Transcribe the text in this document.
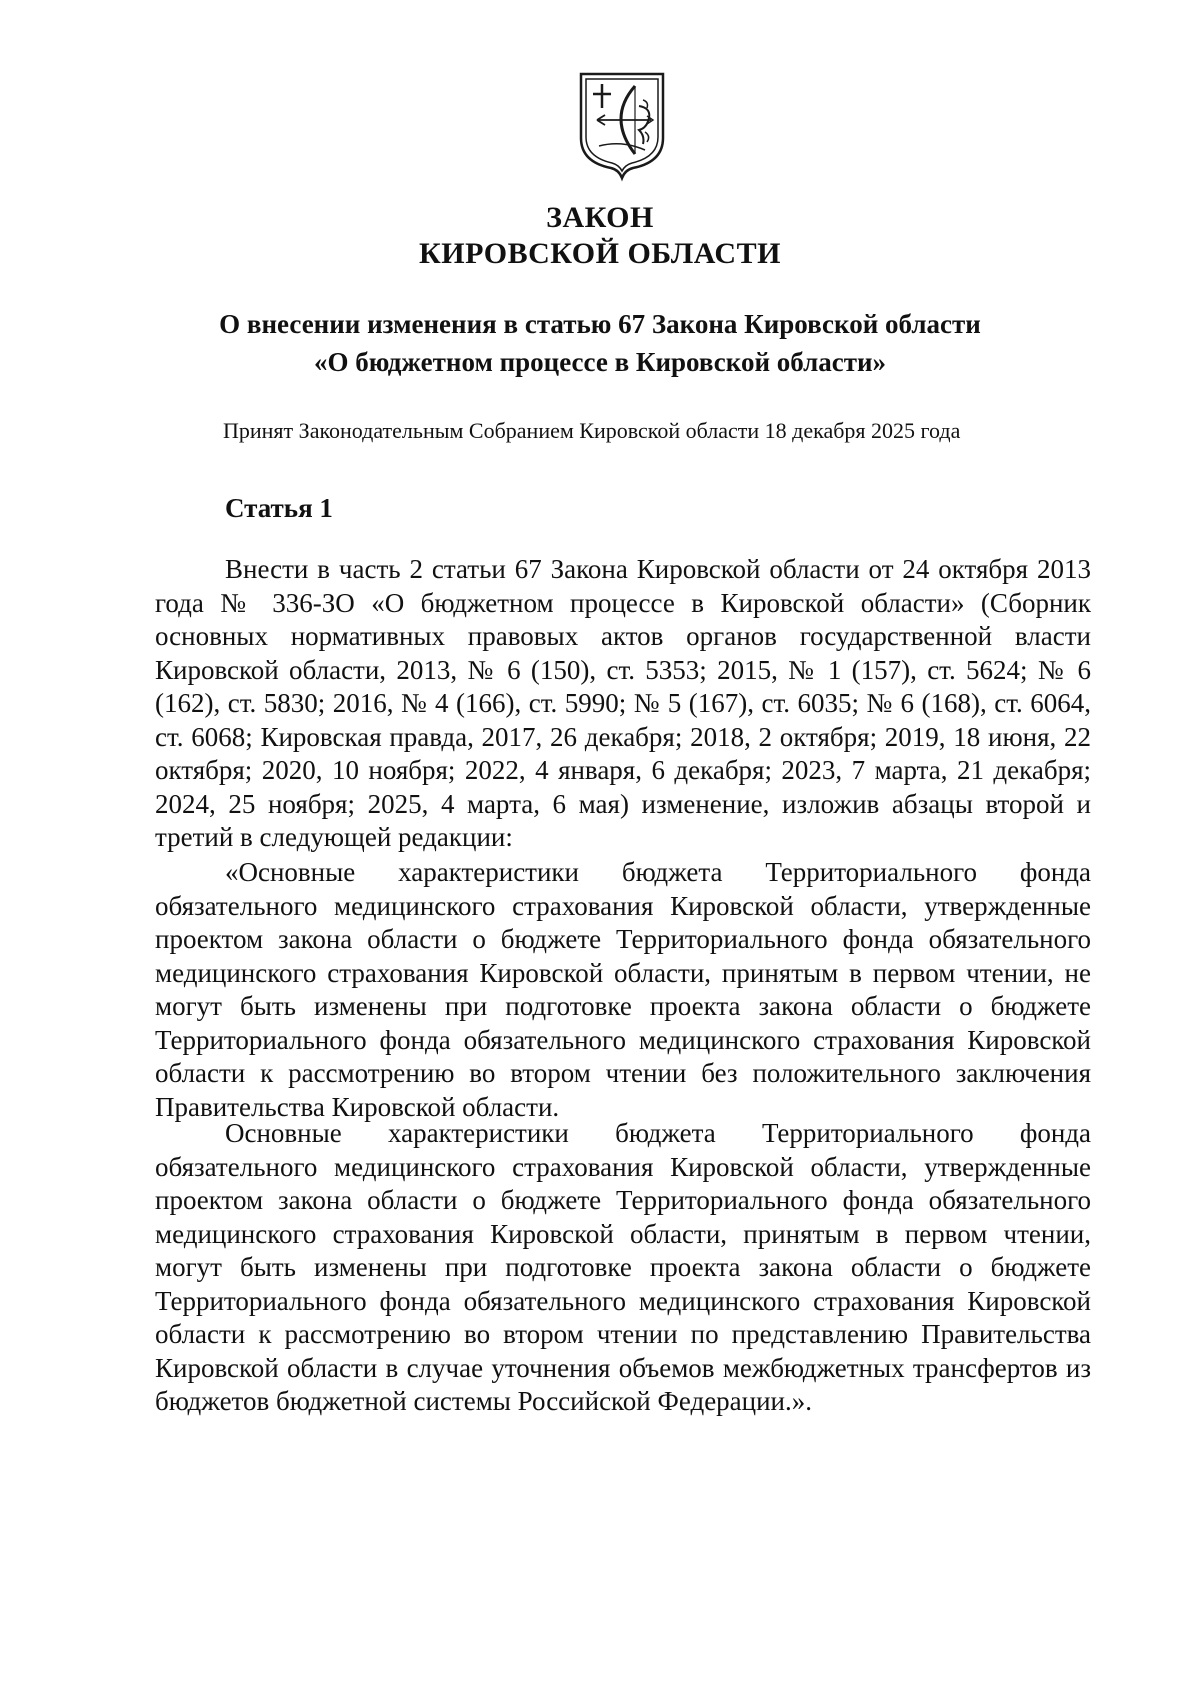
ЗАКОН
КИРОВСКОЙ ОБЛАСТИ
О внесении изменения в статью 67 Закона Кировской области
«О бюджетном процессе в Кировской области»
Принят Законодательным Собранием Кировской области 18 декабря 2025 года
Статья 1

Внести в часть 2 статьи 67 Закона Кировской области от 24 октября 2013 года № 336-ЗО «О бюджетном процессе в Кировской области» (Сборник основных нормативных правовых актов органов государственной власти Кировской области, 2013, № 6 (150), ст. 5353; 2015, № 1 (157), ст. 5624; № 6 (162), ст. 5830; 2016, № 4 (166), ст. 5990; № 5 (167), ст. 6035; № 6 (168), ст. 6064, ст. 6068; Кировская правда, 2017, 26 декабря; 2018, 2 октября; 2019, 18 июня, 22 октября; 2020, 10 ноября; 2022, 4 января, 6 декабря; 2023, 7 марта, 21 декабря; 2024, 25 ноября; 2025, 4 марта, 6 мая) изменение, изложив абзацы второй и третий в следующей редакции:

«Основные характеристики бюджета Территориального фонда обязательного медицинского страхования Кировской области, утвержденные проектом закона области о бюджете Территориального фонда обязательного медицинского страхования Кировской области, принятым в первом чтении, не могут быть изменены при подготовке проекта закона области о бюджете Территориального фонда обязательного медицинского страхования Кировской области к рассмотрению во втором чтении без положительного заключения Правительства Кировской области.

Основные характеристики бюджета Территориального фонда обязательного медицинского страхования Кировской области, утвержденные проектом закона области о бюджете Территориального фонда обязательного медицинского страхования Кировской области, принятым в первом чтении, могут быть изменены при подготовке проекта закона области о бюджете Территориального фонда обязательного медицинского страхования Кировской области к рассмотрению во втором чтении по представлению Правительства Кировской области в случае уточнения объемов межбюджетных трансфертов из бюджетов бюджетной системы Российской Федерации.».
